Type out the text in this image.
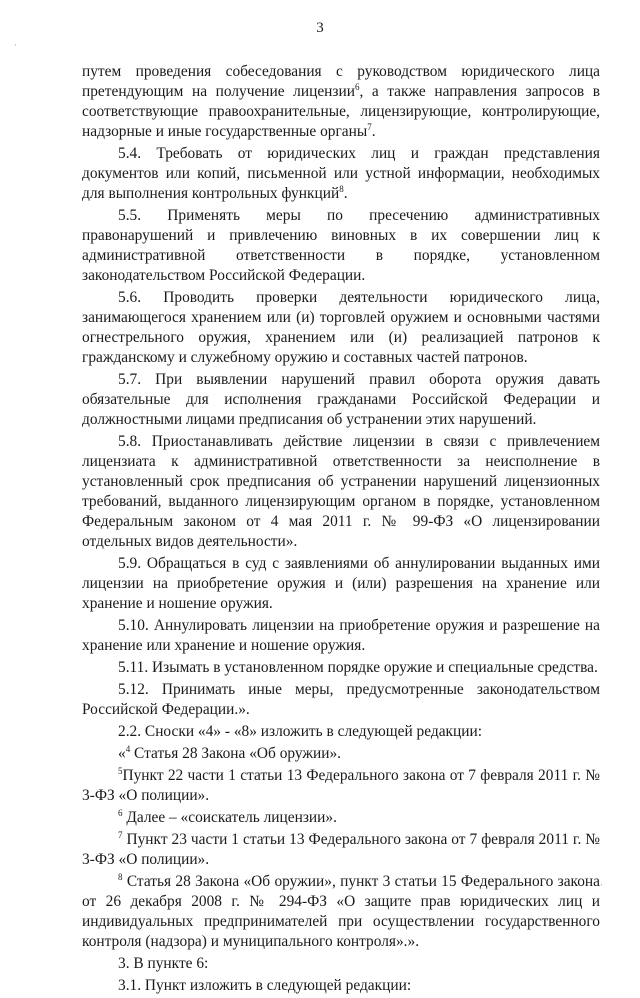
3
путем проведения собеседования с руководством юридического лица претендующим на получение лицензии$^6$, а также направления запросов в соответствующие правоохранительные, лицензирующие, контролирующие, надзорные и иные государственные органы$^7$.
5.4. Требовать от юридических лиц и граждан представления документов или копий, письменной или устной информации, необходимых для выполнения контрольных функций$^8$.
5.5. Применять меры по пресечению административных правонарушений и привлечению виновных в их совершении лиц к административной ответственности в порядке, установленном законодательством Российской Федерации.
5.6. Проводить проверки деятельности юридического лица, занимающегося хранением или (и) торговлей оружием и основными частями огнестрельного оружия, хранением или (и) реализацией патронов к гражданскому и служебному оружию и составных частей патронов.
5.7. При выявлении нарушений правил оборота оружия давать обязательные для исполнения гражданами Российской Федерации и должностными лицами предписания об устранении этих нарушений.
5.8. Приостанавливать действие лицензии в связи с привлечением лицензиата к административной ответственности за неисполнение в установленный срок предписания об устранении нарушений лицензионных требований, выданного лицензирующим органом в порядке, установленном Федеральным законом от 4 мая 2011 г. № 99-ФЗ «О лицензировании отдельных видов деятельности».
5.9. Обращаться в суд с заявлениями об аннулировании выданных ими лицензии на приобретение оружия и (или) разрешения на хранение или хранение и ношение оружия.
5.10. Аннулировать лицензии на приобретение оружия и разрешение на хранение или хранение и ношение оружия.
5.11. Изымать в установленном порядке оружие и специальные средства.
5.12. Принимать иные меры, предусмотренные законодательством Российской Федерации.».
2.2. Сноски «4» - «8» изложить в следующей редакции:
«$^4$ Статья 28 Закона «Об оружии».
$^5$Пункт 22 части 1 статьи 13 Федерального закона от 7 февраля 2011 г. № 3-ФЗ «О полиции».
$^6$ Далее – «соискатель лицензии».
$^7$ Пункт 23 части 1 статьи 13 Федерального закона от 7 февраля 2011 г. № 3-ФЗ «О полиции».
$^8$ Статья 28 Закона «Об оружии», пункт 3 статьи 15 Федерального закона от 26 декабря 2008 г. № 294-ФЗ «О защите прав юридических лиц и индивидуальных предпринимателей при осуществлении государственного контроля (надзора) и муниципального контроля».».
3. В пункте 6:
3.1. Пункт изложить в следующей редакции:
·
·
